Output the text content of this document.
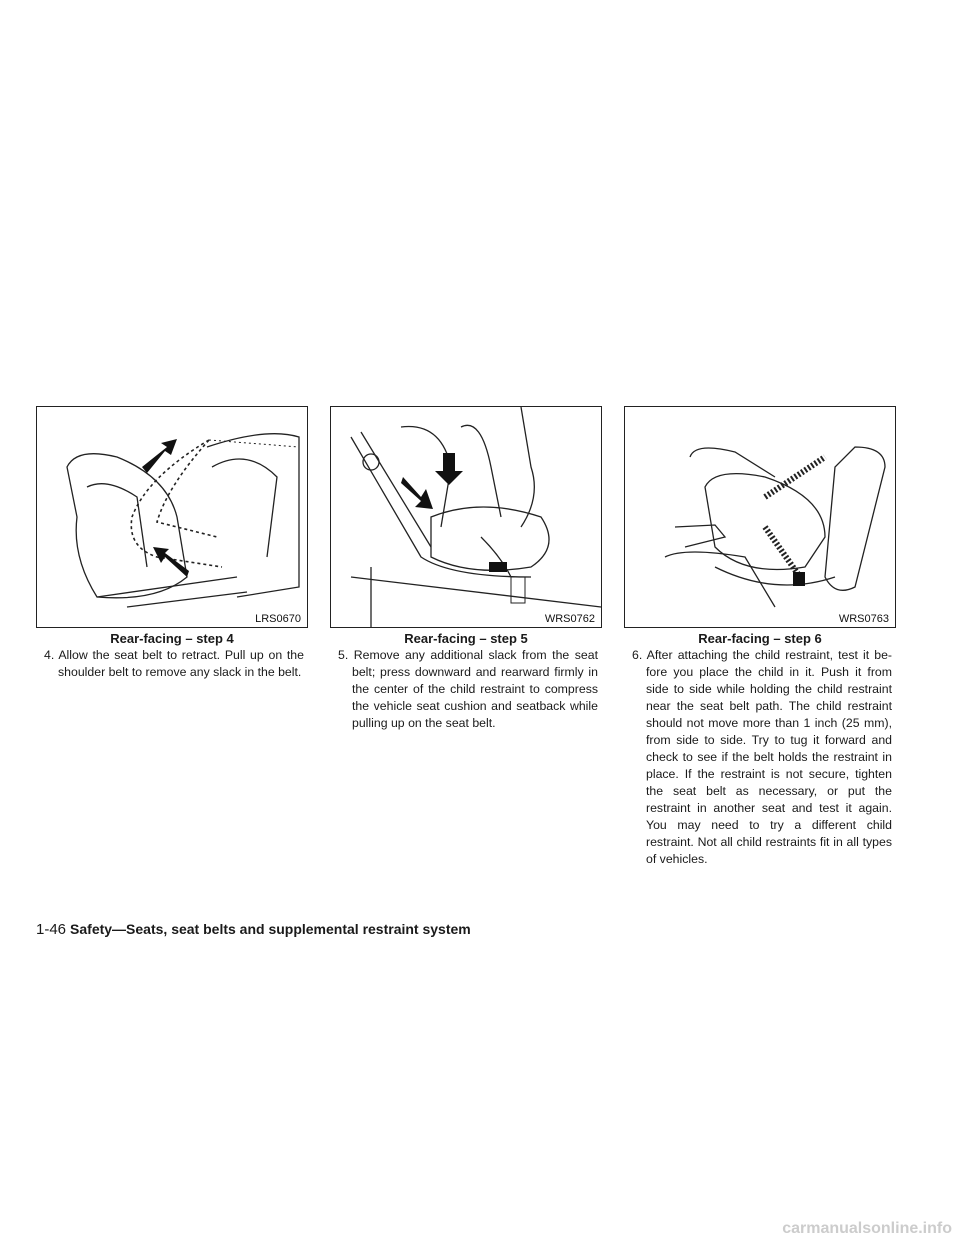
LRS0670
Rear-facing – step 4

4. Allow the seat belt to retract. Pull up on the shoulder belt to remove any slack in the belt.

WRS0762
Rear-facing – step 5

5. Remove any additional slack from the seat belt; press downward and rearward firmly in the center of the child restraint to compress the vehicle seat cushion and seatback while pulling up on the seat belt.

WRS0763
Rear-facing – step 6

6. After attaching the child restraint, test it be-fore you place the child in it. Push it from side to side while holding the child restraint near the seat belt path. The child restraint should not move more than 1 inch (25 mm), from side to side. Try to tug it forward and check to see if the belt holds the restraint in place. If the restraint is not secure, tighten the seat belt as necessary, or put the restraint in another seat and test it again. You may need to try a different child restraint. Not all child restraints fit in all types of vehicles.

1-46 Safety—Seats, seat belts and supplemental restraint system
carmanualsonline.info
